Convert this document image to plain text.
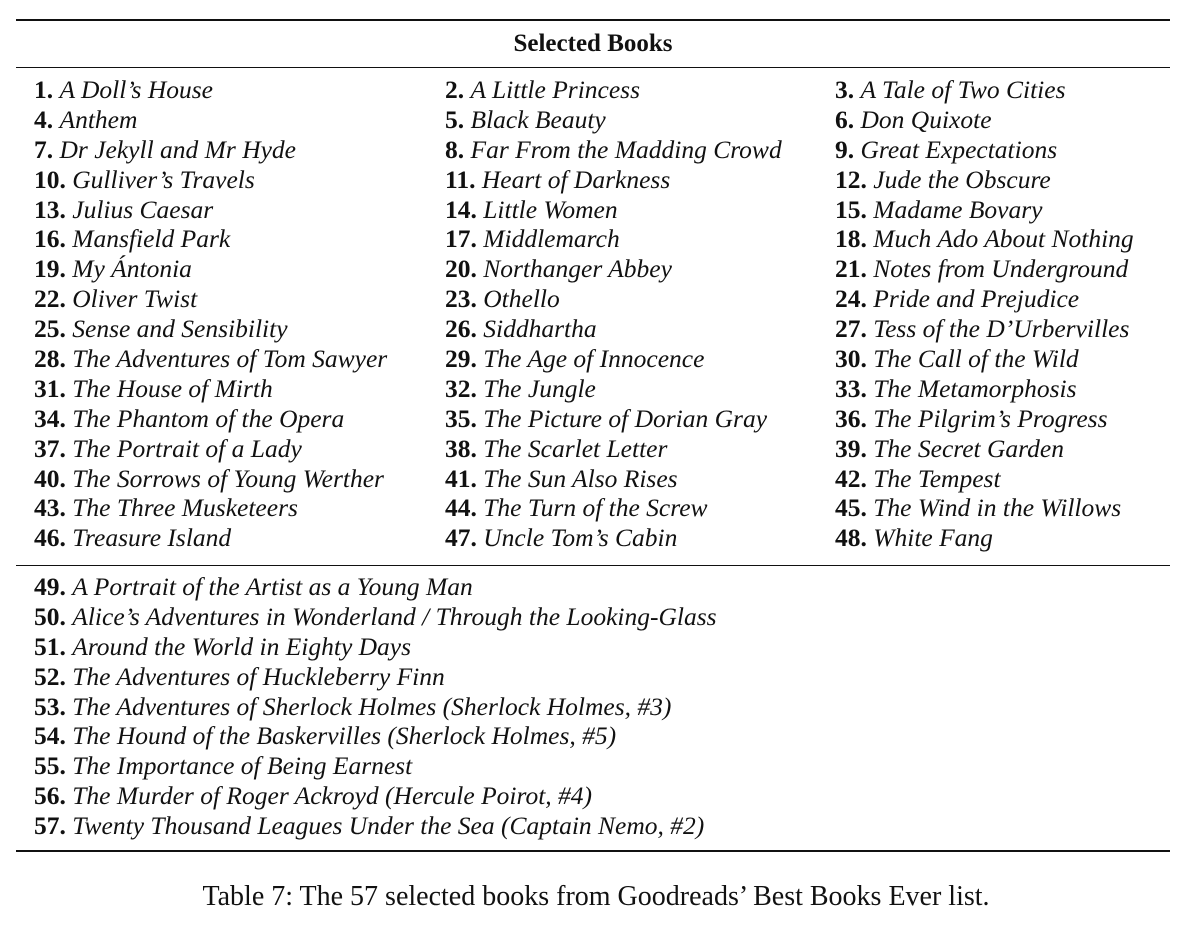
Selected Books
1. A Doll’s House
4. Anthem
7. Dr Jekyll and Mr Hyde
10. Gulliver’s Travels
13. Julius Caesar
16. Mansfield Park
19. My Ántonia
22. Oliver Twist
25. Sense and Sensibility
28. The Adventures of Tom Sawyer
31. The House of Mirth
34. The Phantom of the Opera
37. The Portrait of a Lady
40. The Sorrows of Young Werther
43. The Three Musketeers
46. Treasure Island
2. A Little Princess
5. Black Beauty
8. Far From the Madding Crowd
11. Heart of Darkness
14. Little Women
17. Middlemarch
20. Northanger Abbey
23. Othello
26. Siddhartha
29. The Age of Innocence
32. The Jungle
35. The Picture of Dorian Gray
38. The Scarlet Letter
41. The Sun Also Rises
44. The Turn of the Screw
47. Uncle Tom’s Cabin
3. A Tale of Two Cities
6. Don Quixote
9. Great Expectations
12. Jude the Obscure
15. Madame Bovary
18. Much Ado About Nothing
21. Notes from Underground
24. Pride and Prejudice
27. Tess of the D’Urbervilles
30. The Call of the Wild
33. The Metamorphosis
36. The Pilgrim’s Progress
39. The Secret Garden
42. The Tempest
45. The Wind in the Willows
48. White Fang
49. A Portrait of the Artist as a Young Man
50. Alice’s Adventures in Wonderland / Through the Looking-Glass
51. Around the World in Eighty Days
52. The Adventures of Huckleberry Finn
53. The Adventures of Sherlock Holmes (Sherlock Holmes, #3)
54. The Hound of the Baskervilles (Sherlock Holmes, #5)
55. The Importance of Being Earnest
56. The Murder of Roger Ackroyd (Hercule Poirot, #4)
57. Twenty Thousand Leagues Under the Sea (Captain Nemo, #2)
Table 7: The 57 selected books from Goodreads’ Best Books Ever list.
